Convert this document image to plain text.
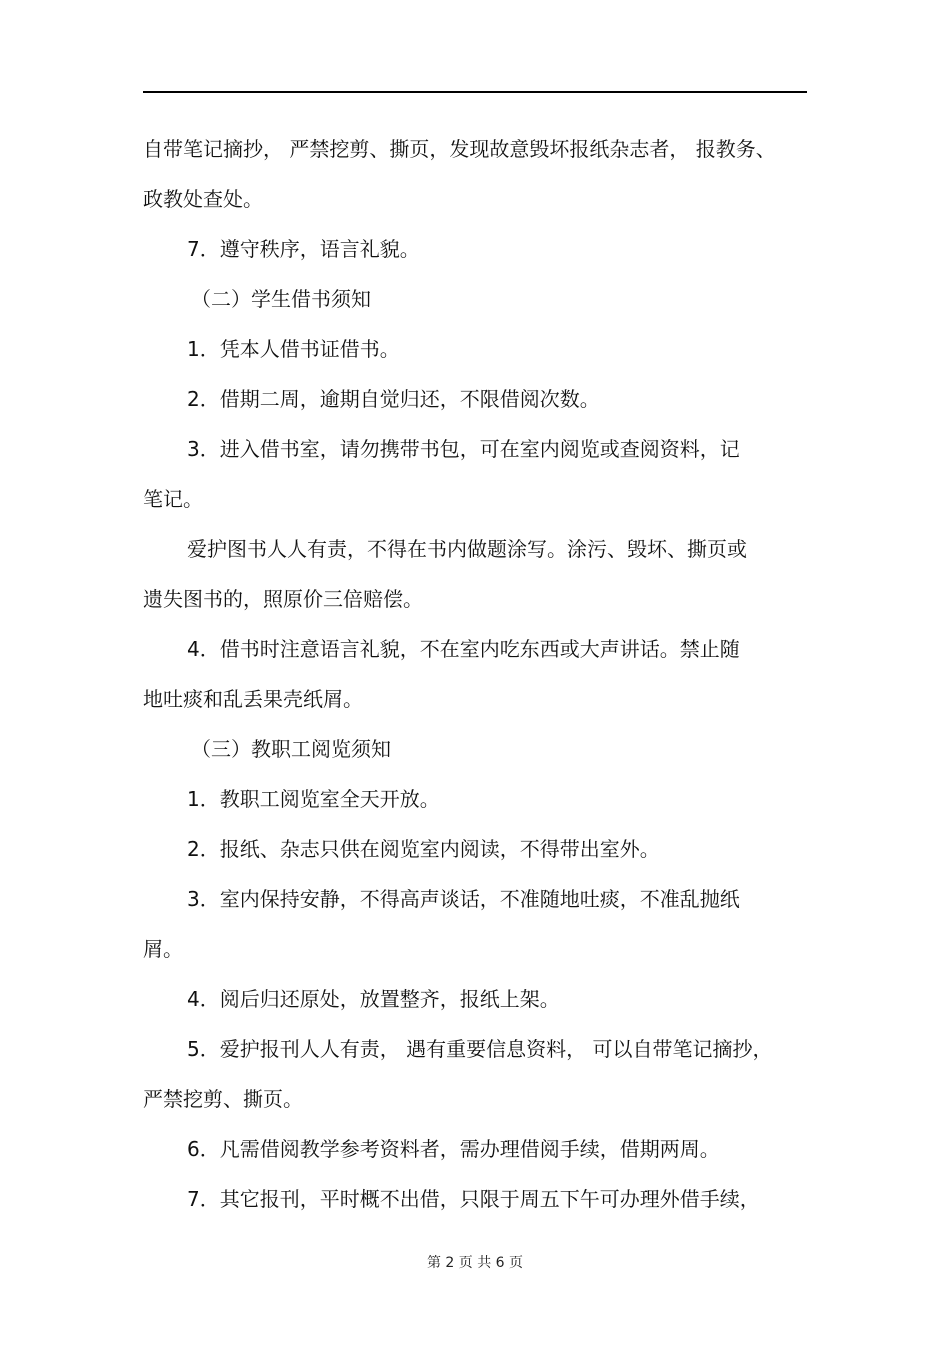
自带笔记摘抄， 严禁挖剪、撕页，发现故意毁坏报纸杂志者， 报教务、
政教处查处。
7．遵守秩序，语言礼貌。
（二）学生借书须知
1．凭本人借书证借书。
2．借期二周，逾期自觉归还，不限借阅次数。
3．进入借书室，请勿携带书包，可在室内阅览或查阅资料，记
笔记。
爱护图书人人有责，不得在书内做题涂写。涂污、毁坏、撕页或
遗失图书的，照原价三倍赔偿。
4．借书时注意语言礼貌，不在室内吃东西或大声讲话。禁止随
地吐痰和乱丢果壳纸屑。
（三）教职工阅览须知
1．教职工阅览室全天开放。
2．报纸、杂志只供在阅览室内阅读，不得带出室外。
3．室内保持安静，不得高声谈话，不准随地吐痰，不准乱抛纸
屑。
4．阅后归还原处，放置整齐，报纸上架。
5．爱护报刊人人有责， 遇有重要信息资料， 可以自带笔记摘抄，
严禁挖剪、撕页。
6．凡需借阅教学参考资料者，需办理借阅手续，借期两周。
7．其它报刊，平时概不出借，只限于周五下午可办理外借手续，
第 2 页 共 6 页
